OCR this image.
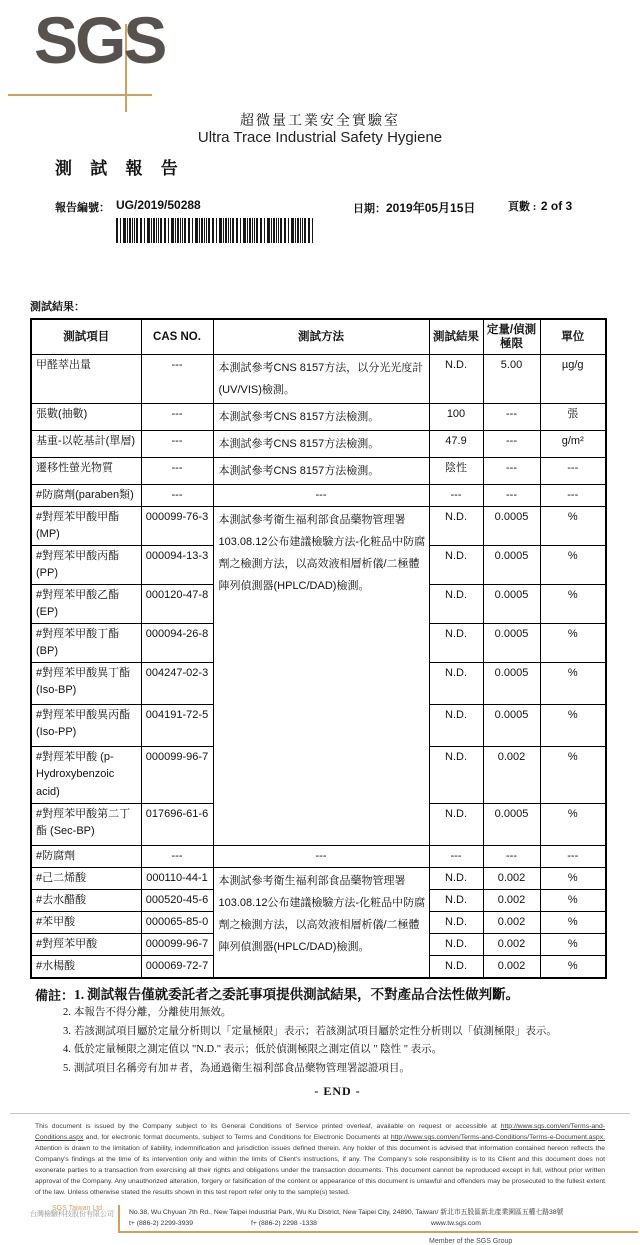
SGS
超微量工業安全實驗室
Ultra Trace Industrial Safety Hygiene
測 試 報 告
報告編號： UG/2019/50288	日期：2019年05月15日	頁數 : 2 of 3
測試結果：
測試項目	CAS NO.	測試方法	測試結果	定量/偵測極限	單位
甲醛萃出量	---	本測試參考CNS 8157方法，以分光光度計(UV/VIS)檢測。	N.D.	5.00	µg/g
張數(抽數)	---	本測試參考CNS 8157方法檢測。	100	---	張
基重-以乾基計(單層)	---	本測試參考CNS 8157方法檢測。	47.9	---	g/m²
遷移性螢光物質	---	本測試參考CNS 8157方法檢測。	陰性	---	---
#防腐劑(paraben類)	---	---	---	---	---
#對羥苯甲酸甲酯(MP)	000099-76-3	本測試參考衛生福利部食品藥物管理署103.08.12公布建議檢驗方法-化粧品中防腐劑之檢測方法，以高效液相層析儀/二極體陣列偵測器(HPLC/DAD)檢測。	N.D.	0.0005	%
#對羥苯甲酸丙酯(PP)	000094-13-3		N.D.	0.0005	%
#對羥苯甲酸乙酯(EP)	000120-47-8		N.D.	0.0005	%
#對羥苯甲酸丁酯(BP)	000094-26-8		N.D.	0.0005	%
#對羥苯甲酸異丁酯 (Iso-BP)	004247-02-3		N.D.	0.0005	%
#對羥苯甲酸異丙酯 (Iso-PP)	004191-72-5		N.D.	0.0005	%
#對羥苯甲酸 (p-Hydroxybenzoic acid)	000099-96-7		N.D.	0.002	%
#對羥苯甲酸第二丁酯 (Sec-BP)	017696-61-6		N.D.	0.0005	%
#防腐劑	---	---	---	---	---
#己二烯酸	000110-44-1	本測試參考衛生福利部食品藥物管理署103.08.12公布建議檢驗方法-化粧品中防腐劑之檢測方法，以高效液相層析儀/二極體陣列偵測器(HPLC/DAD)檢測。	N.D.	0.002	%
#去水醋酸	000520-45-6		N.D.	0.002	%
#苯甲酸	000065-85-0		N.D.	0.002	%
#對羥苯甲酸	000099-96-7		N.D.	0.002	%
#水楊酸	000069-72-7		N.D.	0.002	%
備註： 1. 測試報告僅就委託者之委託事項提供測試結果，不對產品合法性做判斷。
2. 本報告不得分離，分離使用無效。
3. 若該測試項目屬於定量分析則以「定量極限」表示；若該測試項目屬於定性分析則以「偵測極限」表示。
4. 低於定量極限之測定值以 "N.D." 表示；低於偵測極限之測定值以 " 陰性 " 表示。
5. 測試項目名稱旁有加＃者，為通過衛生福利部食品藥物管理署認證項目。
- END -
This document is issued by the Company subject to its General Conditions of Service printed overleaf, available on request or accessible at http://www.sgs.com/en/Terms-and-Conditions.aspx and, for electronic format documents, subject to Terms and Conditions for Electronic Documents at http://www.sgs.com/en/Terms-and-Conditions/Terms-e-Document.aspx. Attention is drawn to the limitation of liability, indemnification and jurisdiction issues defined therein. Any holder of this document is advised that information contained hereon reflects the Company's findings at the time of its intervention only and within the limits of Client's instructions, if any. The Company's sole responsibility is to its Client and this document does not exonerate parties to a transaction from exercising all their rights and obligations under the transaction documents. This document cannot be reproduced except in full, without prior written approval of the Company. Any unauthorized alteration, forgery or falsification of the content or appearance of this document is unlawful and offenders may be prosecuted to the fullest extent of the law. Unless otherwise stated the results shown in this test report refer only to the sample(s) tested.
SGS Taiwan Ltd.
台灣檢驗科技股份有限公司 No.38, Wu Chyuan 7th Rd., New Taipei Industrial Park, Wu Ku District, New Taipei City, 24890, Taiwan/ 新北市五股區新北產業園區五權七路38號
t+ (886-2) 2299-3939	f+ (886-2) 2298 -1338	www.tw.sgs.com
Member of the SGS Group
